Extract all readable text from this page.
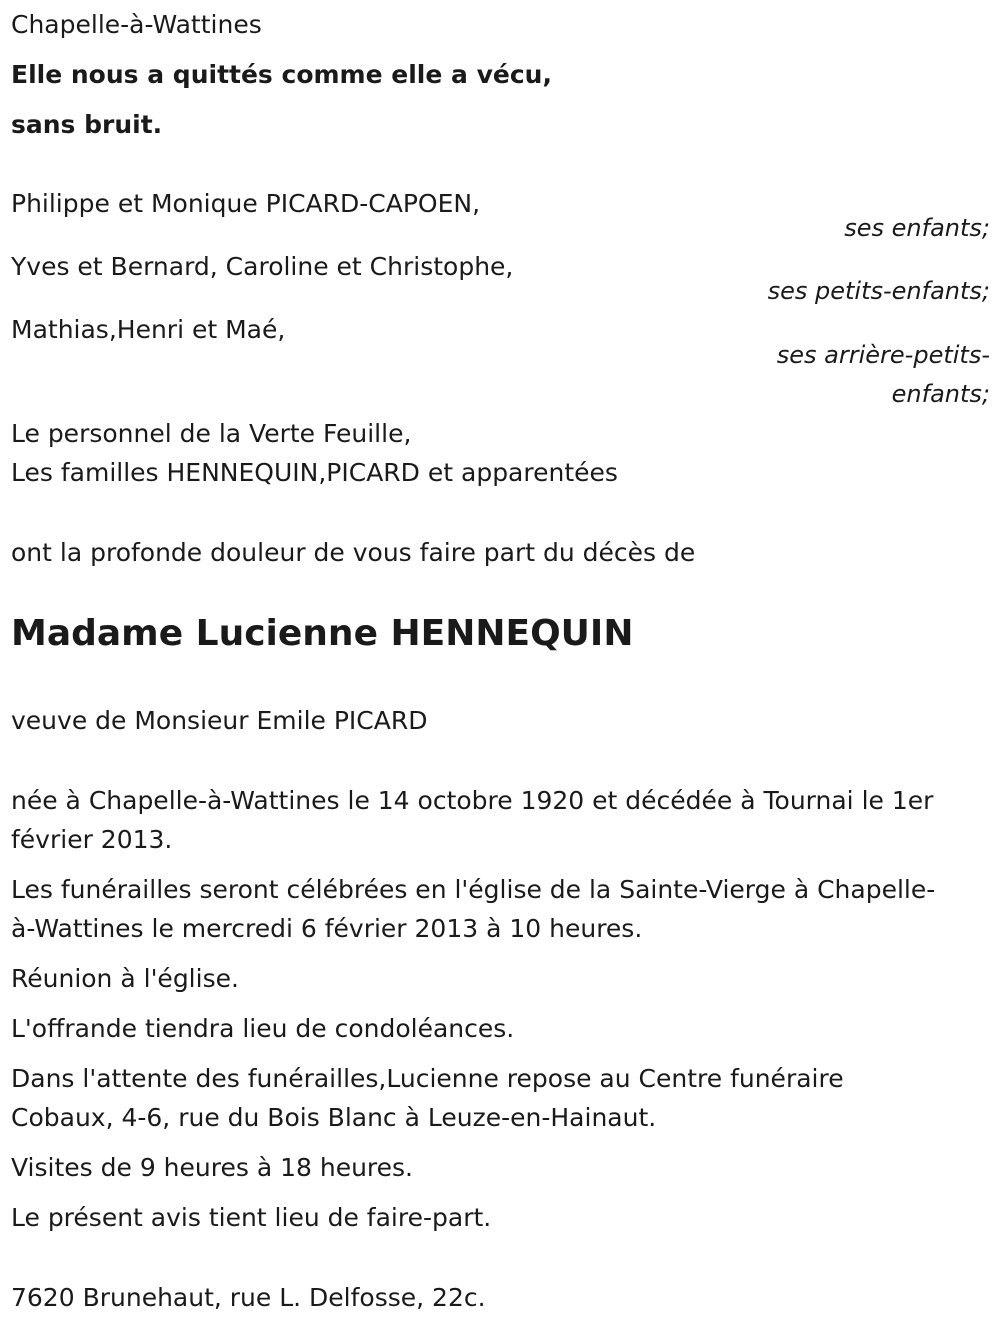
Chapelle-à-Wattines
Elle nous a quittés comme elle a vécu,
sans bruit.
Philippe et Monique PICARD-CAPOEN,
ses enfants;
Yves et Bernard, Caroline et Christophe,
ses petits-enfants;
Mathias,Henri et Maé,
ses arrière-petits-
enfants;
Le personnel de la Verte Feuille,
Les familles HENNEQUIN,PICARD et apparentées
ont la profonde douleur de vous faire part du décès de
Madame Lucienne HENNEQUIN
veuve de Monsieur Emile PICARD
née à Chapelle-à-Wattines le 14 octobre 1920 et décédée à Tournai le 1er
février 2013.
Les funérailles seront célébrées en l'église de la Sainte-Vierge à Chapelle-
à-Wattines le mercredi 6 février 2013 à 10 heures.
Réunion à l'église.
L'offrande tiendra lieu de condoléances.
Dans l'attente des funérailles,Lucienne repose au Centre funéraire
Cobaux, 4-6, rue du Bois Blanc à Leuze-en-Hainaut.
Visites de 9 heures à 18 heures.
Le présent avis tient lieu de faire-part.
7620 Brunehaut, rue L. Delfosse, 22c.
